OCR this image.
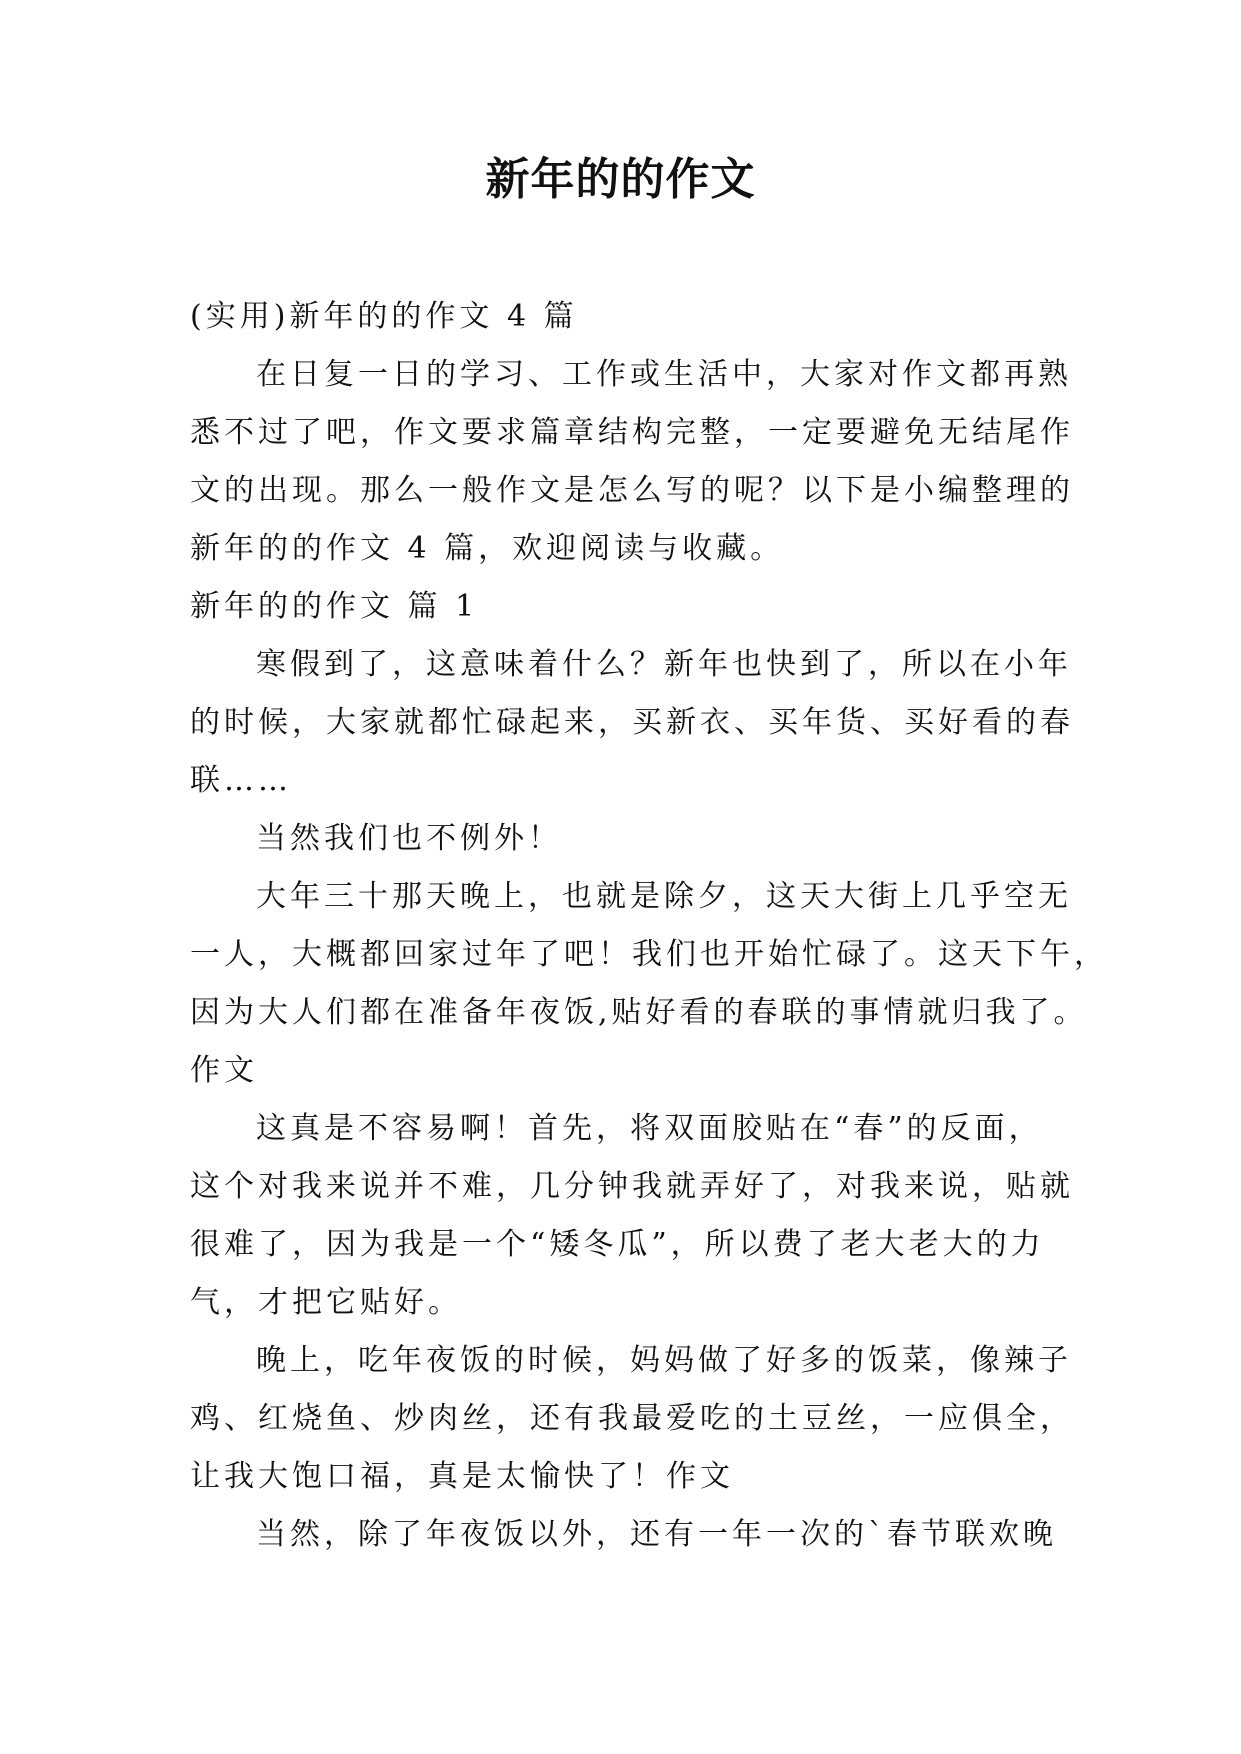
新年的的作文
(实用)新年的的作文 4 篇
在日复一日的学习、工作或生活中，大家对作文都再熟
悉不过了吧，作文要求篇章结构完整，一定要避免无结尾作
文的出现。那么一般作文是怎么写的呢？以下是小编整理的
新年的的作文 4 篇，欢迎阅读与收藏。
新年的的作文 篇 1
寒假到了，这意味着什么？新年也快到了，所以在小年
的时候，大家就都忙碌起来，买新衣、买年货、买好看的春
联……
当然我们也不例外！
大年三十那天晚上，也就是除夕，这天大街上几乎空无
一人，大概都回家过年了吧！我们也开始忙碌了。这天下午，
因为大人们都在准备年夜饭,贴好看的春联的事情就归我了。
作文
这真是不容易啊！首先，将双面胶贴在“春”的反面，
这个对我来说并不难，几分钟我就弄好了，对我来说，贴就
很难了，因为我是一个“矮冬瓜”，所以费了老大老大的力
气，才把它贴好。
晚上，吃年夜饭的时候，妈妈做了好多的饭菜，像辣子
鸡、红烧鱼、炒肉丝，还有我最爱吃的土豆丝，一应俱全，
让我大饱口福，真是太愉快了！作文
当然，除了年夜饭以外，还有一年一次的`春节联欢晚
